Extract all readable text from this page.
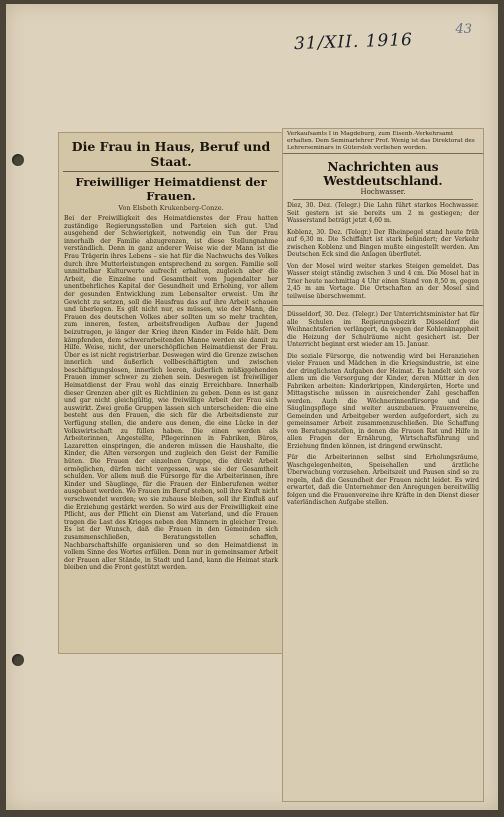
31/XII. 1916
43
Die Frau in Haus, Beruf und Staat.
Freiwilliger Heimatdienst der Frauen.
Von Elsbeth Krukenberg-Conze.
Bei der Freiwilligkeit des Heimatdienstes der Frau hatten zuständige Regierungsstellen und Parteien sich gut. Und ausgehend der Schwierigkeit, notwendig ein Tun der Frau innerhalb der Familie abzugrenzen, ist diese Stellungnahme verständlich. Denn in ganz anderer Weise wie der Mann ist die Frau Trägerin ihres Lebens – sie hat für die Nachwuchs des Volkes durch ihre Mutterleistungen entsprechend zu sorgen. Familie soll unmittelbar Kulturwerte aufrecht erhalten, zugleich aber die Arbeit, die Einzelne und Gesamtheit vom Jugendalter her unentbehrliches Kapital der Gesundheit und Erholung, vor allem der gesunden Entwicklung zum Lebensalter erweist. Um ihr Gewicht zu setzen, soll die Hausfrau das auf ihre Arbeit schauen und überlegen. Es gilt nicht nur, es müssen, wie der Mann, die Frauen des deutschen Volkes aber sollten um so mehr trachten, zum inneren, festen, arbeitsfreudigen Aufbau der Jugend beizutragen, je länger der Krieg ihren Kinder im Felde hält. Dem kämpfenden, dem schwerarbeitenden Manne werden sie damit zu Hilfe. Weise, nicht, der unerschöpflichen Heimatdienst der Frau. Über es ist nicht registrierbar. Deswegen wird die Grenze zwischen innerlich und äußerlich vollbeschäftigten und zwischen beschäftigungslosen, innerlich leeren, äußerlich müßiggehenden Frauen immer schwer zu ziehen sein. Deswegen ist freiwilliger Heimatdienst der Frau wohl das einzig Erreichbare. Innerhalb dieser Grenzen aber gilt es Richtlinien zu geben. Denn es ist ganz und gar nicht gleichgültig, wie freiwillige Arbeit der Frau sich auswirkt. Zwei große Gruppen lassen sich unterscheiden: die eine besteht aus den Frauen, die sich für die Arbeitsdienste zur Verfügung stellen, die andere aus denen, die eine Lücke in der Volkswirtschaft zu füllen haben. Die einen werden als Arbeiterinnen, Angestellte, Pflegerinnen in Fabriken, Büros, Lazaretten einspringen, die anderen müssen die Haushalte, die Kinder, die Alten versorgen und zugleich den Geist der Familie hüten. Die Frauen der einzelnen Gruppe, die direkt Arbeit ermöglichen, dürfen nicht vergessen, was sie der Gesamtheit schulden. Vor allem muß die Fürsorge für die Arbeiterinnen, ihre Kinder und Säuglinge, für die Frauen der Einberufenen weiter ausgebaut werden. Wo Frauen im Beruf stehen, soll ihre Kraft nicht verschwendet werden; wo sie zuhause bleiben, soll ihr Einfluß auf die Erziehung gestärkt werden. So wird aus der Freiwilligkeit eine Pflicht, aus der Pflicht ein Dienst am Vaterland, und die Frauen tragen die Last des Krieges neben den Männern in gleicher Treue. Es ist der Wunsch, daß die Frauen in den Gemeinden sich zusammenschließen, Beratungsstellen schaffen, Nachbarschaftshilfe organisieren und so den Heimatdienst in vollem Sinne des Wortes erfüllen. Denn nur in gemeinsamer Arbeit der Frauen aller Stände, in Stadt und Land, kann die Heimat stark bleiben und die Front gestützt werden.
Verkaufsamts I in Magdeburg, zum Eisenb.-Verkehrsamt erhalten. Dem Seminarlehrer Prof. Wenig ist das Direktorat des Lehrerseminars in Gütersloh verliehen worden.
Nachrichten aus Westdeutschland.
Hochwasser.
Diez, 30. Dez. (Telegr.) Die Lahn führt starkes Hochwasser. Seit gestern ist sie bereits um 2 m gestiegen; der Wasserstand beträgt jetzt 4,60 m.
Koblenz, 30. Dez. (Telegr.) Der Rheinpegel stand heute früh auf 6,30 m. Die Schiffahrt ist stark behindert; der Verkehr zwischen Koblenz und Bingen mußte eingestellt werden. Am Deutschen Eck sind die Anlagen überflutet.
Von der Mosel wird weiter starkes Steigen gemeldet. Das Wasser steigt ständig zwischen 3 und 4 cm. Die Mosel hat in Trier heute nachmittag 4 Uhr einen Stand von 8,50 m, gegen 2,45 m am Vortage. Die Ortschaften an der Mosel sind teilweise überschwemmt.
Düsseldorf, 30. Dez. (Telegr.) Der Unterrichtsminister hat für alle Schulen im Regierungsbezirk Düsseldorf die Weihnachtsferien verlängert, da wegen der Kohlenknappheit die Heizung der Schulräume nicht gesichert ist. Der Unterricht beginnt erst wieder am 15. Januar.
Die soziale Fürsorge, die notwendig wird bei Heranziehen vieler Frauen und Mädchen in die Kriegsindustrie, ist eine der dringlichsten Aufgaben der Heimat. Es handelt sich vor allem um die Versorgung der Kinder, deren Mütter in den Fabriken arbeiten: Kinderkrippen, Kindergärten, Horte und Mittagstische müssen in ausreichender Zahl geschaffen werden. Auch die Wöchnerinnenfürsorge und die Säuglingspflege sind weiter auszubauen. Frauenvereine, Gemeinden und Arbeitgeber werden aufgefordert, sich zu gemeinsamer Arbeit zusammenzuschließen. Die Schaffung von Beratungsstellen, in denen die Frauen Rat und Hilfe in allen Fragen der Ernährung, Wirtschaftsführung und Erziehung finden können, ist dringend erwünscht.
Für die Arbeiterinnen selbst sind Erholungsräume, Waschgelegenheiten, Speisehallen und ärztliche Überwachung vorzusehen. Arbeitszeit und Pausen sind so zu regeln, daß die Gesundheit der Frauen nicht leidet. Es wird erwartet, daß die Unternehmer den Anregungen bereitwillig folgen und die Frauenvereine ihre Kräfte in den Dienst dieser vaterländischen Aufgabe stellen.
